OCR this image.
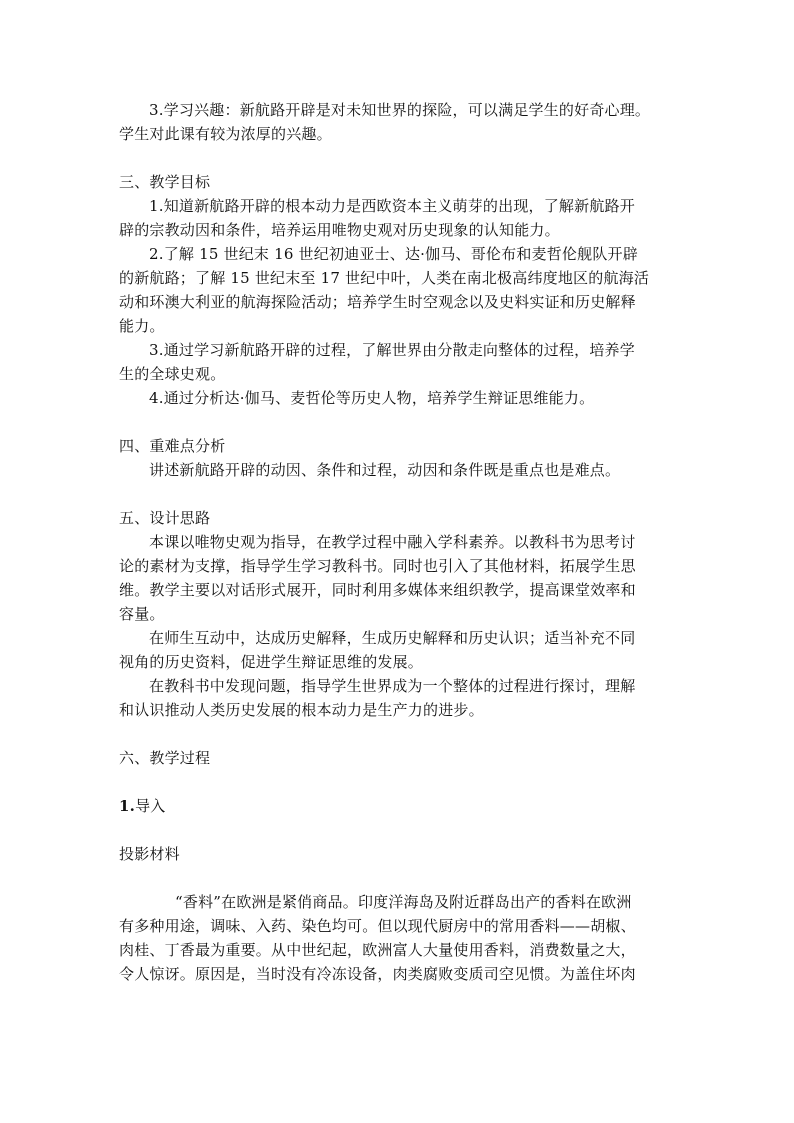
3.学习兴趣：新航路开辟是对未知世界的探险，可以满足学生的好奇心理。
学生对此课有较为浓厚的兴趣。
三、教学目标
1.知道新航路开辟的根本动力是西欧资本主义萌芽的出现，了解新航路开
辟的宗教动因和条件，培养运用唯物史观对历史现象的认知能力。
2.了解 15 世纪末 16 世纪初迪亚士、达·伽马、哥伦布和麦哲伦舰队开辟
的新航路；了解 15 世纪末至 17 世纪中叶，人类在南北极高纬度地区的航海活
动和环澳大利亚的航海探险活动；培养学生时空观念以及史料实证和历史解释
能力。
3.通过学习新航路开辟的过程，了解世界由分散走向整体的过程，培养学
生的全球史观。
4.通过分析达·伽马、麦哲伦等历史人物，培养学生辩证思维能力。
四、重难点分析
讲述新航路开辟的动因、条件和过程，动因和条件既是重点也是难点。
五、设计思路
本课以唯物史观为指导，在教学过程中融入学科素养。以教科书为思考讨
论的素材为支撑，指导学生学习教科书。同时也引入了其他材料，拓展学生思
维。教学主要以对话形式展开，同时利用多媒体来组织教学，提高课堂效率和
容量。
在师生互动中，达成历史解释，生成历史解释和历史认识；适当补充不同
视角的历史资料，促进学生辩证思维的发展。
在教科书中发现问题，指导学生世界成为一个整体的过程进行探讨，理解
和认识推动人类历史发展的根本动力是生产力的进步。
六、教学过程
1.导入
投影材料
“香料”在欧洲是紧俏商品。印度洋海岛及附近群岛出产的香料在欧洲
有多种用途，调味、入药、染色均可。但以现代厨房中的常用香料——胡椒、
肉桂、丁香最为重要。从中世纪起，欧洲富人大量使用香料，消费数量之大，
令人惊讶。原因是，当时没有冷冻设备，肉类腐败变质司空见惯。为盖住坏肉
